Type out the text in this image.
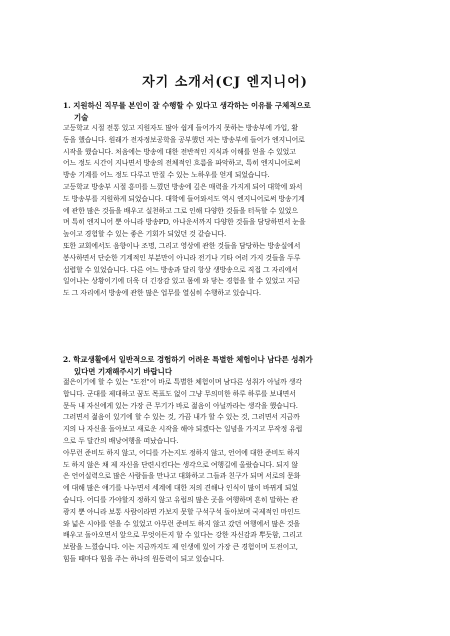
자기 소개서(CJ 엔지니어)
1. 지원하신 직무를 본인이 잘 수행할 수 있다고 생각하는 이유를 구체적으로
기술
고등학교 시절 전통 있고 지원자도 많아 쉽게 들어가지 못하는 방송부에 가입, 활
동을 했습니다. 원래가 전자정보공학을 공부했던 저는 방송부에 들어가 엔지니어로
시작을 했습니다. 처음에는 방송에 대한 전반적인 지식과 이해를 얻을 수 있었고
어느 정도 시간이 지나면서 방송의 전체적인 흐름을 파악하고, 특히 엔지니어로써
방송 기계를 어느 정도 다루고 만질 수 있는 노하우를 얻게 되었습니다.
고등학교 방송부 시절 흥미를 느꼈던 방송에 깊은 매력을 가지게 되어 대학에 와서
도 방송부를 지원하게 되었습니다. 대학에 들어와서도 역시 엔지니어로써 방송기계
에 관한 많은 것들을 배우고 실천하고 그로 인해 다양한 것들을 터득할 수 있었으
며 특히 엔지니어 뿐 아니라 방송PD, 아나운서까지 다양한 것들을 담당하면서 눈을
높이고 경험할 수 있는 좋은 기회가 되었던 것 같습니다.
또한 교회에서도 음향이나 조명, 그리고 영상에 관한 것들을 담당하는 방송실에서
봉사하면서 단순한 기계적인 부분만이 아니라 전기나 기타 여러 가지 것들을 두루
섭렵할 수 있었습니다. 다른 어느 방송과 달리 항상 생방송으로 직접 그 자리에서
일어나는 상황이기에 더욱 더 긴장감 있고 몸에 와 닿는 경험을 할 수 있었고 지금
도 그 자리에서 방송에 관한 많은 업무를 열심히 수행하고 있습니다.
2. 학교생활에서 일반적으로 경험하기 어려운 특별한 체험이나 남다른 성취가
있다면 기재해주시기 바랍니다
젊은이기에 할 수 있는 "도전"이 바로 특별한 체험이며 남다른 성취가 아닐까 생각
합니다. 군대를 제대하고 꿈도 목표도 없이 그냥 무의미한 하루 하루를 보내면서
문득 내 자신에게 있는 가장 큰 무기가 바로 젊음이 아닐까라는 생각을 했습니다.
그러면서 젊음이 있기에 할 수 있는 것, 가끔 내가 할 수 있는 것, 그러면서 지금까
지의 나 자신을 돌아보고 새로운 시작을 해야 되겠다는 일념을 가지고 무작정 유럽
으로 두 달간의 배낭여행을 떠났습니다.
아무런 준비도 하지 않고, 어디를 가는지도 정하지 않고, 언어에 대한 준비도 하지
도 하지 않은 채 제 자신을 단련시킨다는 생각으로 여행길에 올랐습니다. 되지 않
은 언어실력으로 많은 사람들을 만나고 대화하고 그들과 친구가 되며 서로의 문화
에 대해 많은 얘기를 나누면서 세계에 대한 저의 견해나 인식이 많이 바뀌게 되었
습니다. 어디를 가야할지 정하지 않고 유럽의 많은 곳을 여행하며 흔히 말하는 관
광지 뿐 아니라 보통 사람이라면 가보지 못할 구석구석 돌아보며 국제적인 마인드
와 넓은 시야를 얻을 수 있었고 아무런 준비도 하지 않고 갔던 여행에서 많은 것을
배우고 돌아오면서 앞으로 무엇이든지 할 수 있다는 강한 자신감과 뿌듯함, 그리고
보람을 느꼈습니다. 이는 지금까지도 제 인생에 있어 가장 큰 경험이며 도전이고,
힘들 때마다 힘을 주는 하나의 원동력이 되고 있습니다.
